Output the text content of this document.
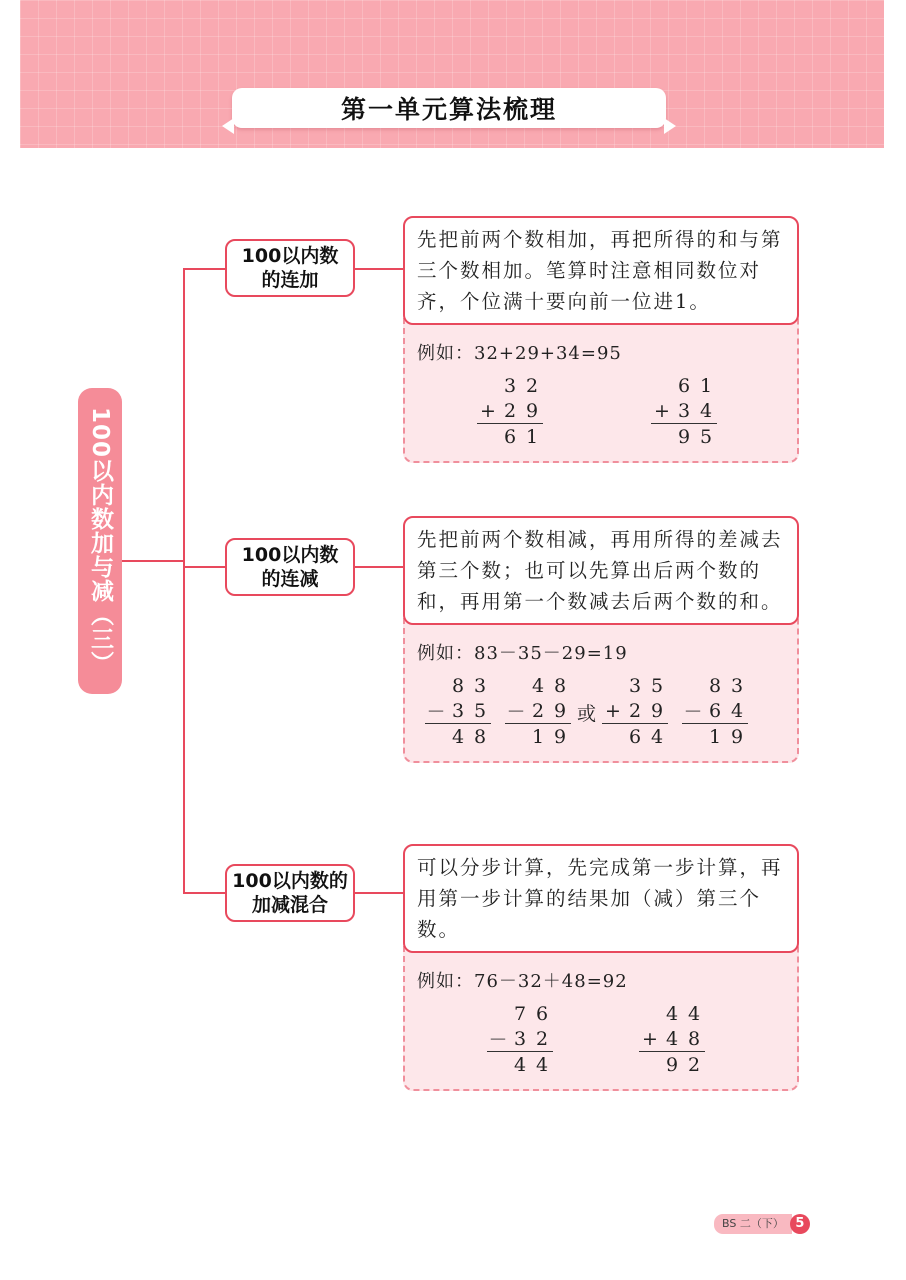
第一单元算法梳理
100
以内数加与减
（三）
100以内数
的连加
100以内数
的连减
100以内数的
加减混合
先把前两个数相加，再把所得的和与第三个数相加。笔算时注意相同数位对齐，个位满十要向前一位进1。
例如：32+29+34=95
3 2
+ 2 9
6 1
6 1
+ 3 4
9 5
先把前两个数相减，再用所得的差减去第三个数；也可以先算出后两个数的和，再用第一个数减去后两个数的和。
例如：83－35－29=19
8 3
－ 3 5
4 8
4 8
－ 2 9
1 9
或
3 5
+ 2 9
6 4
8 3
－ 6 4
1 9
可以分步计算，先完成第一步计算，再用第一步计算的结果加（减）第三个数。
例如：76－32＋48=92
7 6
－ 3 2
4 4
4 4
+ 4 8
9 2
BS 二（下） 5
